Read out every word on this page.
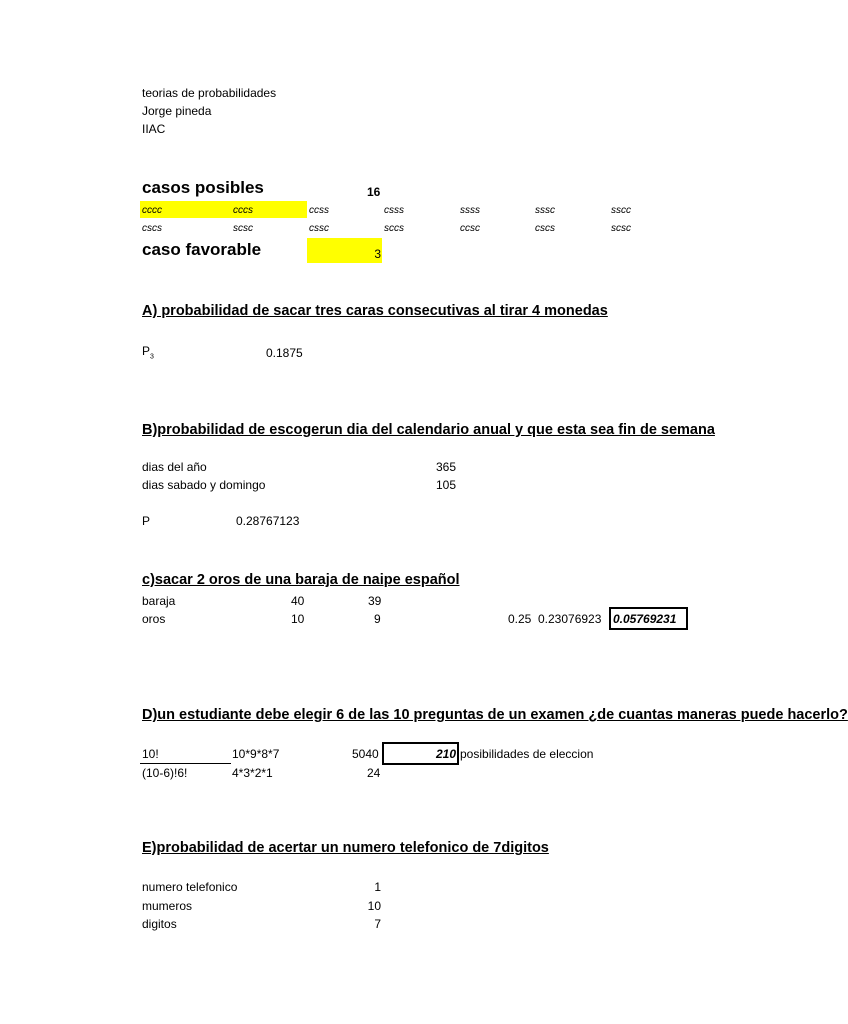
teorias de probabilidades
Jorge pineda
IIAC
casos posibles	16
cccc	cccs	ccss	csss	ssss	sssc	sscc
cscs	scsc	cssc	sccs	ccsc	cscs	scsc
caso favorable	3
A) probabilidad de sacar tres caras consecutivas al tirar 4 monedas
$P_3$	0.1875
B)probabilidad de escogerun dia del calendario anual y que esta sea fin de semana
dias del año	365
dias sabado y domingo	105
P	0.28767123
c)sacar 2 oros de una baraja de naipe español
baraja	40	39
oros	10	9	0.25 0.23076923 0.05769231
D)un estudiante debe elegir 6 de las 10 preguntas de un examen ¿de cuantas maneras puede hacerlo?
10!	10*9*8*7	5040	210 posibilidades de eleccion
(10-6)!6!	4*3*2*1	24
E)probabilidad de acertar un numero telefonico de 7digitos
numero telefonico	1
mumeros	10
digitos	7
